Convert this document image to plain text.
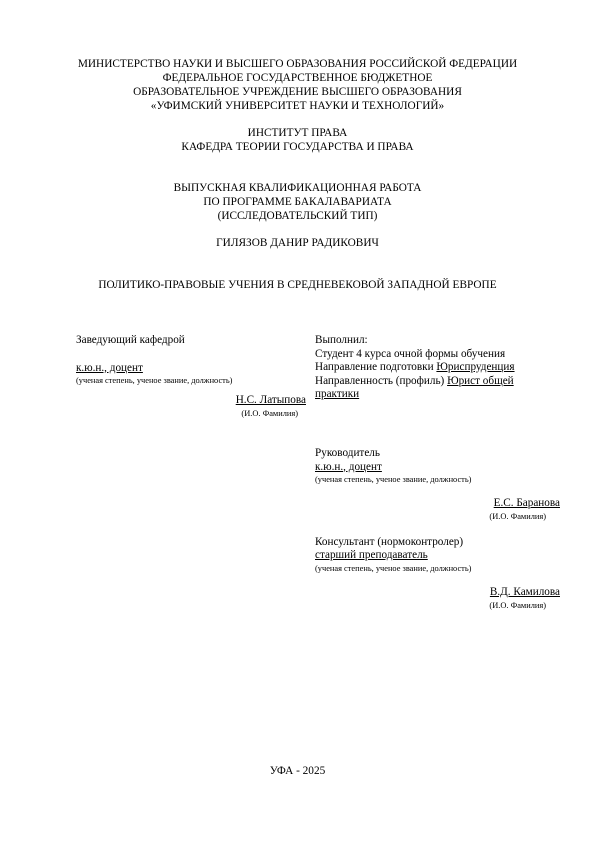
МИНИСТЕРСТВО НАУКИ И ВЫСШЕГО ОБРАЗОВАНИЯ РОССИЙСКОЙ ФЕДЕРАЦИИ
ФЕДЕРАЛЬНОЕ ГОСУДАРСТВЕННОЕ БЮДЖЕТНОЕ
ОБРАЗОВАТЕЛЬНОЕ УЧРЕЖДЕНИЕ ВЫСШЕГО ОБРАЗОВАНИЯ
«УФИМСКИЙ УНИВЕРСИТЕТ НАУКИ И ТЕХНОЛОГИЙ»
ИНСТИТУТ ПРАВА
КАФЕДРА ТЕОРИИ ГОСУДАРСТВА И ПРАВА
ВЫПУСКНАЯ КВАЛИФИКАЦИОННАЯ РАБОТА
ПО ПРОГРАММЕ БАКАЛАВАРИАТА
(ИССЛЕДОВАТЕЛЬСКИЙ ТИП)
ГИЛЯЗОВ ДАНИР РАДИКОВИЧ
ПОЛИТИКО-ПРАВОВЫЕ УЧЕНИЯ В СРЕДНЕВЕКОВОЙ ЗАПАДНОЙ ЕВРОПЕ
Заведующий кафедрой
к.ю.н., доцент
(ученая степень, ученое звание, должность)
Н.С. Латыпова
(И.О. Фамилия)
Выполнил:
Студент 4 курса очной формы обучения
Направление подготовки Юриспруденция
Направленность (профиль) Юрист общей
практики
Руководитель
к.ю.н., доцент
(ученая степень, ученое звание, должность)
Е.С. Баранова
(И.О. Фамилия)
Консультант (нормоконтролер)
старший преподаватель
(ученая степень, ученое звание, должность)
В.Д. Камилова
(И.О. Фамилия)
УФА - 2025
